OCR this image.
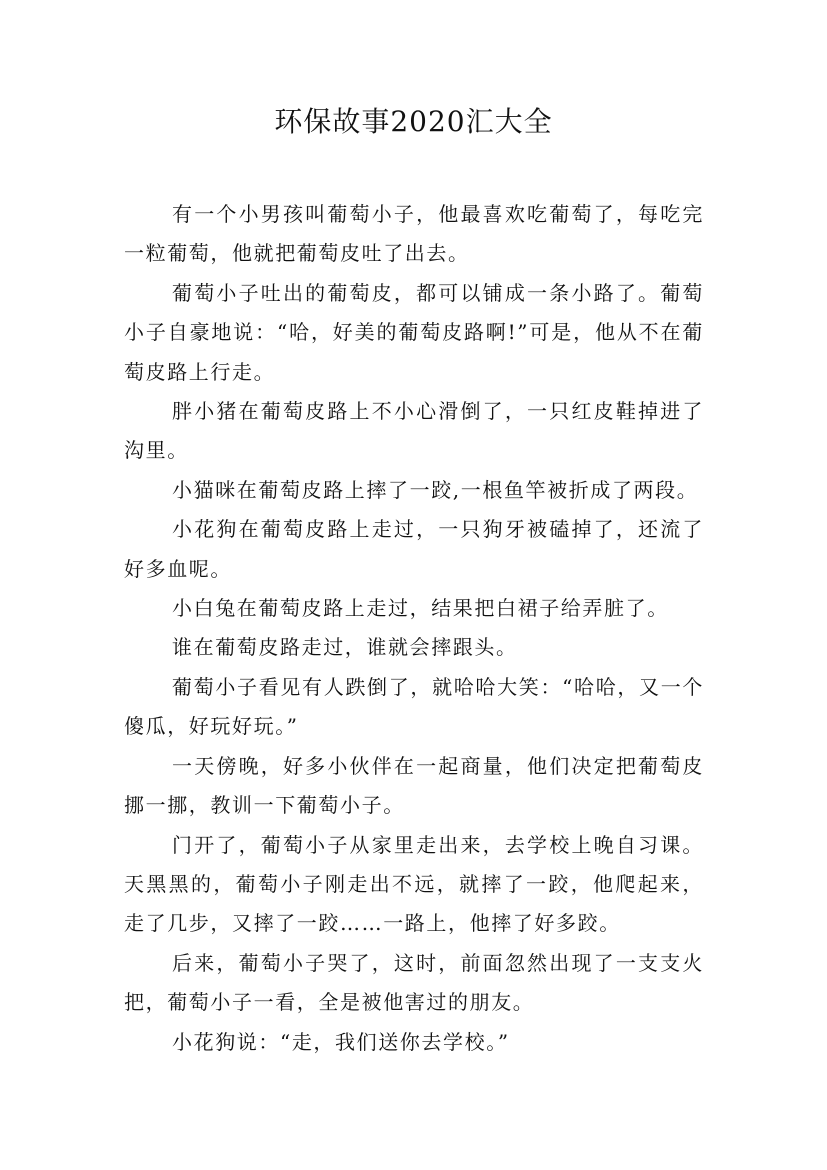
环保故事2020汇大全

有一个小男孩叫葡萄小子，他最喜欢吃葡萄了，每吃完一粒葡萄，他就把葡萄皮吐了出去。

葡萄小子吐出的葡萄皮，都可以铺成一条小路了。葡萄小子自豪地说：“哈，好美的葡萄皮路啊!”可是，他从不在葡萄皮路上行走。

胖小猪在葡萄皮路上不小心滑倒了，一只红皮鞋掉进了沟里。

小猫咪在葡萄皮路上摔了一跤,一根鱼竿被折成了两段。

小花狗在葡萄皮路上走过，一只狗牙被磕掉了，还流了好多血呢。

小白兔在葡萄皮路上走过，结果把白裙子给弄脏了。

谁在葡萄皮路走过，谁就会摔跟头。

葡萄小子看见有人跌倒了，就哈哈大笑：“哈哈，又一个傻瓜，好玩好玩。”

一天傍晚，好多小伙伴在一起商量，他们决定把葡萄皮挪一挪，教训一下葡萄小子。

门开了，葡萄小子从家里走出来，去学校上晚自习课。天黑黑的，葡萄小子刚走出不远，就摔了一跤，他爬起来，走了几步，又摔了一跤……一路上，他摔了好多跤。

后来，葡萄小子哭了，这时，前面忽然出现了一支支火把，葡萄小子一看，全是被他害过的朋友。

小花狗说：“走，我们送你去学校。”
